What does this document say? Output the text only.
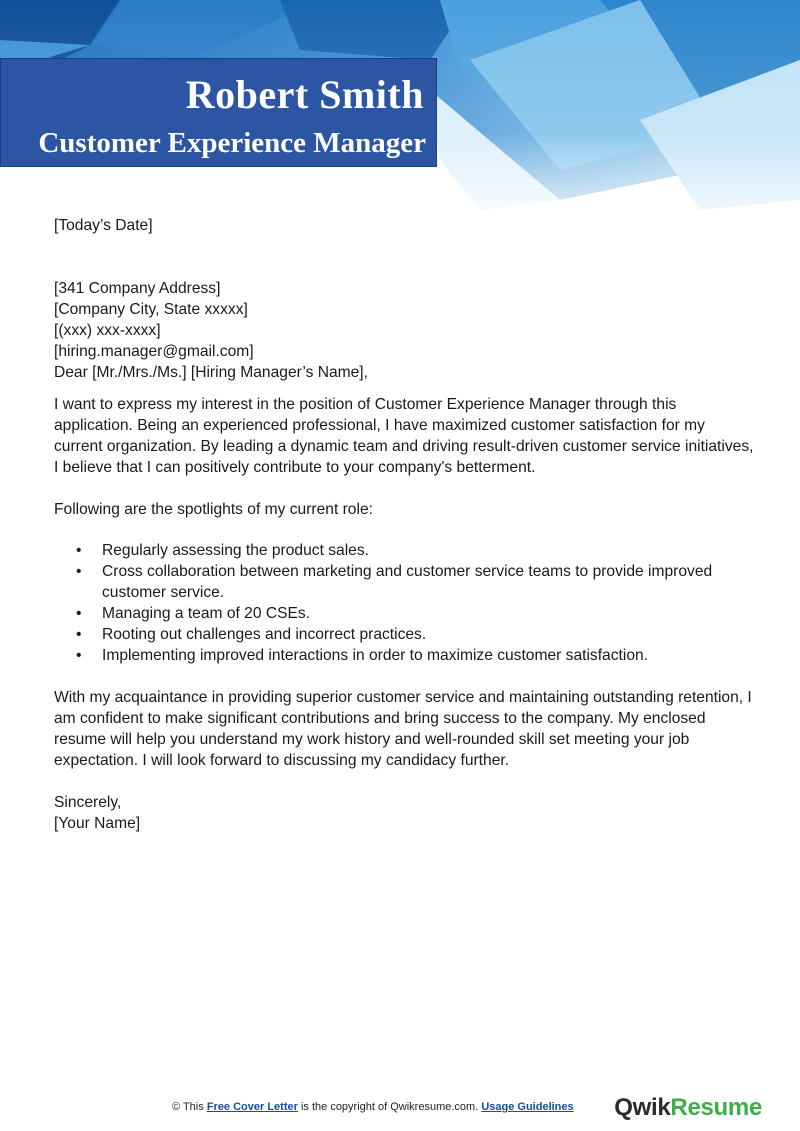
Robert Smith
Customer Experience Manager

[Today’s Date]

[341 Company Address]

[Company City, State xxxxx]

[(xxx) xxx-xxxx]

[hiring.manager@gmail.com]

Dear [Mr./Mrs./Ms.] [Hiring Manager’s Name],

I want to express my interest in the position of Customer Experience Manager through this application. Being an experienced professional, I have maximized customer satisfaction for my current organization. By leading a dynamic team and driving result-driven customer service initiatives, I believe that I can positively contribute to your company's betterment.

Following are the spotlights of my current role:

• Regularly assessing the product sales.
• Cross collaboration between marketing and customer service teams to provide improved customer service.
• Managing a team of 20 CSEs.
• Rooting out challenges and incorrect practices.
• Implementing improved interactions in order to maximize customer satisfaction.

With my acquaintance in providing superior customer service and maintaining outstanding retention, I am confident to make significant contributions and bring success to the company. My enclosed resume will help you understand my work history and well-rounded skill set meeting your job expectation. I will look forward to discussing my candidacy further.

Sincerely,

[Your Name]

© This Free Cover Letter is the copyright of Qwikresume.com. Usage Guidelines QwikResume
